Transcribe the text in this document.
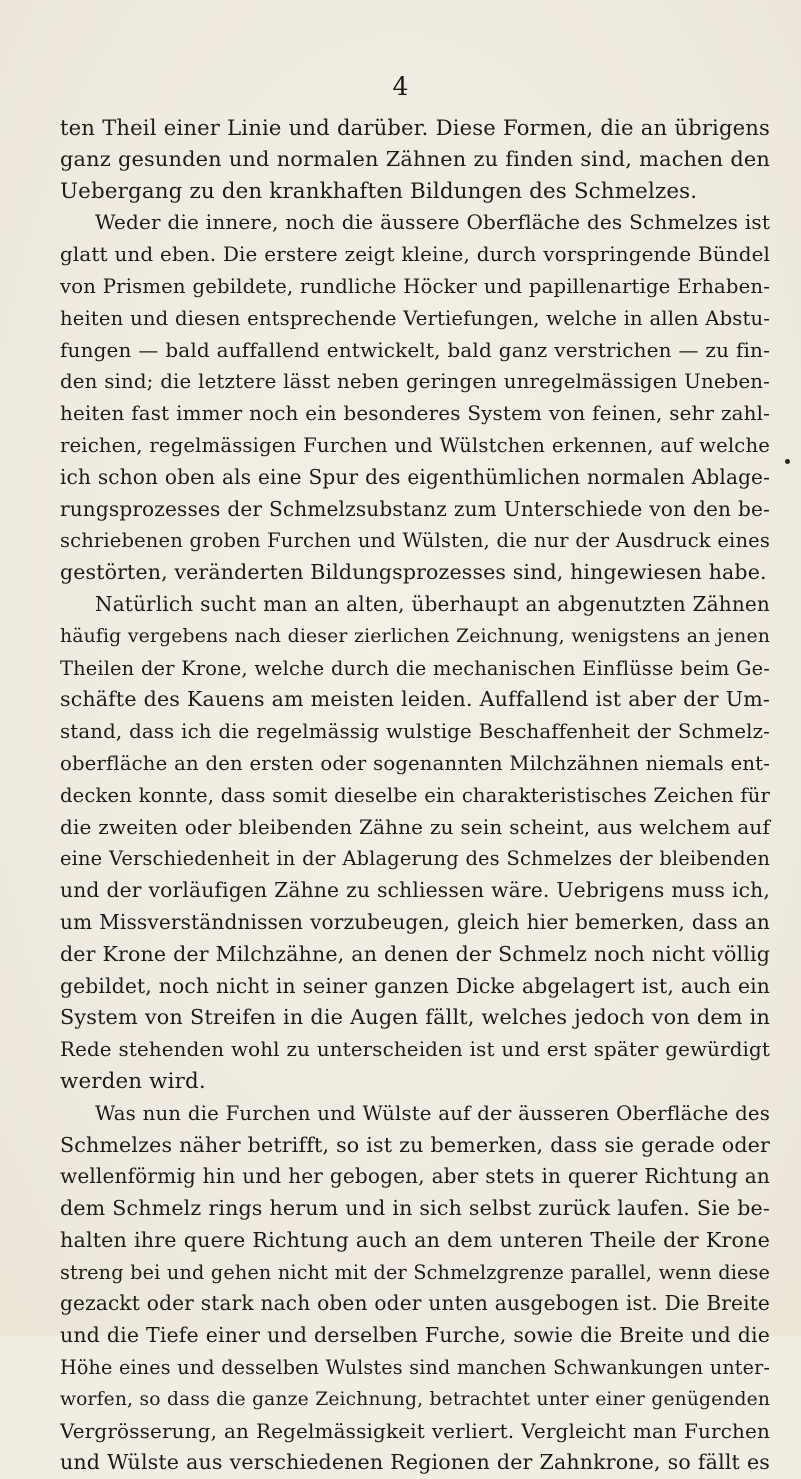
4
ten Theil einer Linie und darüber. Diese Formen, die an übrigens
ganz gesunden und normalen Zähnen zu finden sind, machen den
Uebergang zu den krankhaften Bildungen des Schmelzes.
Weder die innere, noch die äussere Oberfläche des Schmelzes ist
glatt und eben. Die erstere zeigt kleine, durch vorspringende Bündel
von Prismen gebildete, rundliche Höcker und papillenartige Erhaben-
heiten und diesen entsprechende Vertiefungen, welche in allen Abstu-
fungen — bald auffallend entwickelt, bald ganz verstrichen — zu fin-
den sind; die letztere lässt neben geringen unregelmässigen Uneben-
heiten fast immer noch ein besonderes System von feinen, sehr zahl-
reichen, regelmässigen Furchen und Wülstchen erkennen, auf welche
ich schon oben als eine Spur des eigenthümlichen normalen Ablage-
rungsprozesses der Schmelzsubstanz zum Unterschiede von den be-
schriebenen groben Furchen und Wülsten, die nur der Ausdruck eines
gestörten, veränderten Bildungsprozesses sind, hingewiesen habe.
Natürlich sucht man an alten, überhaupt an abgenutzten Zähnen
häufig vergebens nach dieser zierlichen Zeichnung, wenigstens an jenen
Theilen der Krone, welche durch die mechanischen Einflüsse beim Ge-
schäfte des Kauens am meisten leiden. Auffallend ist aber der Um-
stand, dass ich die regelmässig wulstige Beschaffenheit der Schmelz-
oberfläche an den ersten oder sogenannten Milchzähnen niemals ent-
decken konnte, dass somit dieselbe ein charakteristisches Zeichen für
die zweiten oder bleibenden Zähne zu sein scheint, aus welchem auf
eine Verschiedenheit in der Ablagerung des Schmelzes der bleibenden
und der vorläufigen Zähne zu schliessen wäre. Uebrigens muss ich,
um Missverständnissen vorzubeugen, gleich hier bemerken, dass an
der Krone der Milchzähne, an denen der Schmelz noch nicht völlig
gebildet, noch nicht in seiner ganzen Dicke abgelagert ist, auch ein
System von Streifen in die Augen fällt, welches jedoch von dem in
Rede stehenden wohl zu unterscheiden ist und erst später gewürdigt
werden wird.
Was nun die Furchen und Wülste auf der äusseren Oberfläche des
Schmelzes näher betrifft, so ist zu bemerken, dass sie gerade oder
wellenförmig hin und her gebogen, aber stets in querer Richtung an
dem Schmelz rings herum und in sich selbst zurück laufen. Sie be-
halten ihre quere Richtung auch an dem unteren Theile der Krone
streng bei und gehen nicht mit der Schmelzgrenze parallel, wenn diese
gezackt oder stark nach oben oder unten ausgebogen ist. Die Breite
und die Tiefe einer und derselben Furche, sowie die Breite und die
Höhe eines und desselben Wulstes sind manchen Schwankungen unter-
worfen, so dass die ganze Zeichnung, betrachtet unter einer genügenden
Vergrösserung, an Regelmässigkeit verliert. Vergleicht man Furchen
und Wülste aus verschiedenen Regionen der Zahnkrone, so fällt es
